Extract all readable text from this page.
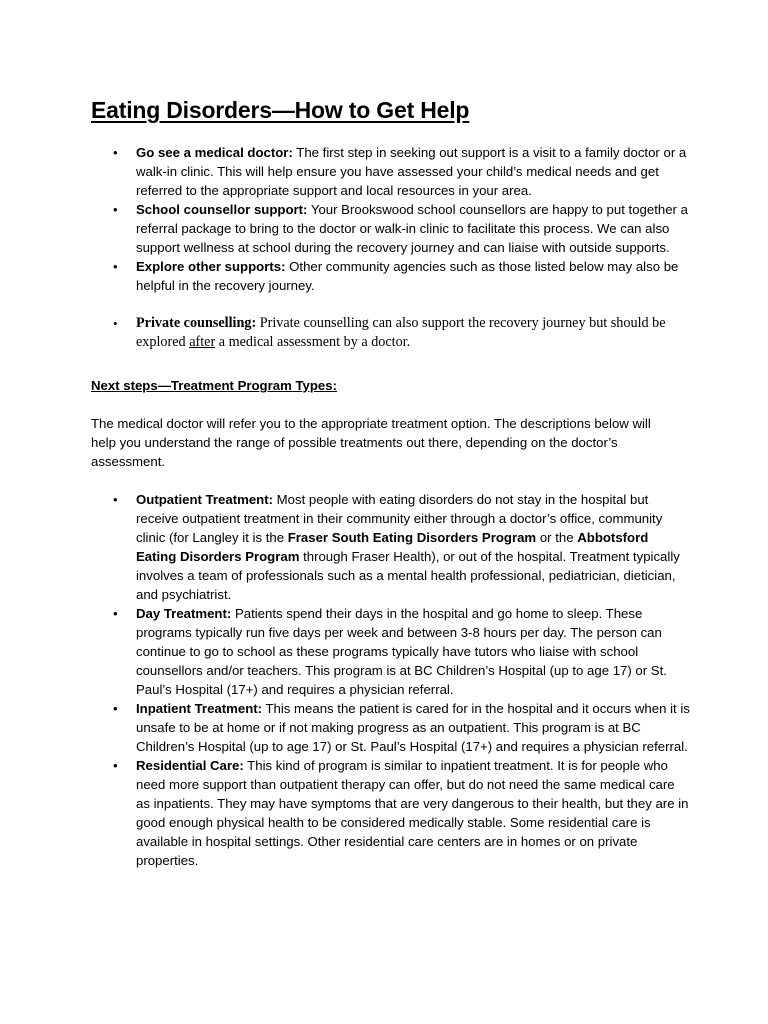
Eating Disorders—How to Get Help
• Go see a medical doctor: The first step in seeking out support is a visit to a family doctor or a walk-in clinic. This will help ensure you have assessed your child’s medical needs and get referred to the appropriate support and local resources in your area.
• School counsellor support: Your Brookswood school counsellors are happy to put together a referral package to bring to the doctor or walk-in clinic to facilitate this process. We can also support wellness at school during the recovery journey and can liaise with outside supports.
• Explore other supports: Other community agencies such as those listed below may also be helpful in the recovery journey.
• Private counselling: Private counselling can also support the recovery journey but should be explored after a medical assessment by a doctor.
Next steps—Treatment Program Types:

The medical doctor will refer you to the appropriate treatment option. The descriptions below will help you understand the range of possible treatments out there, depending on the doctor’s assessment.

• Outpatient Treatment: Most people with eating disorders do not stay in the hospital but receive outpatient treatment in their community either through a doctor’s office, community clinic (for Langley it is the Fraser South Eating Disorders Program or the Abbotsford Eating Disorders Program through Fraser Health), or out of the hospital. Treatment typically involves a team of professionals such as a mental health professional, pediatrician, dietician, and psychiatrist.
• Day Treatment: Patients spend their days in the hospital and go home to sleep. These programs typically run five days per week and between 3-8 hours per day. The person can continue to go to school as these programs typically have tutors who liaise with school counsellors and/or teachers. This program is at BC Children’s Hospital (up to age 17) or St. Paul’s Hospital (17+) and requires a physician referral.
• Inpatient Treatment: This means the patient is cared for in the hospital and it occurs when it is unsafe to be at home or if not making progress as an outpatient. This program is at BC Children’s Hospital (up to age 17) or St. Paul’s Hospital (17+) and requires a physician referral.
• Residential Care: This kind of program is similar to inpatient treatment. It is for people who need more support than outpatient therapy can offer, but do not need the same medical care as inpatients. They may have symptoms that are very dangerous to their health, but they are in good enough physical health to be considered medically stable. Some residential care is available in hospital settings. Other residential care centers are in homes or on private properties.
